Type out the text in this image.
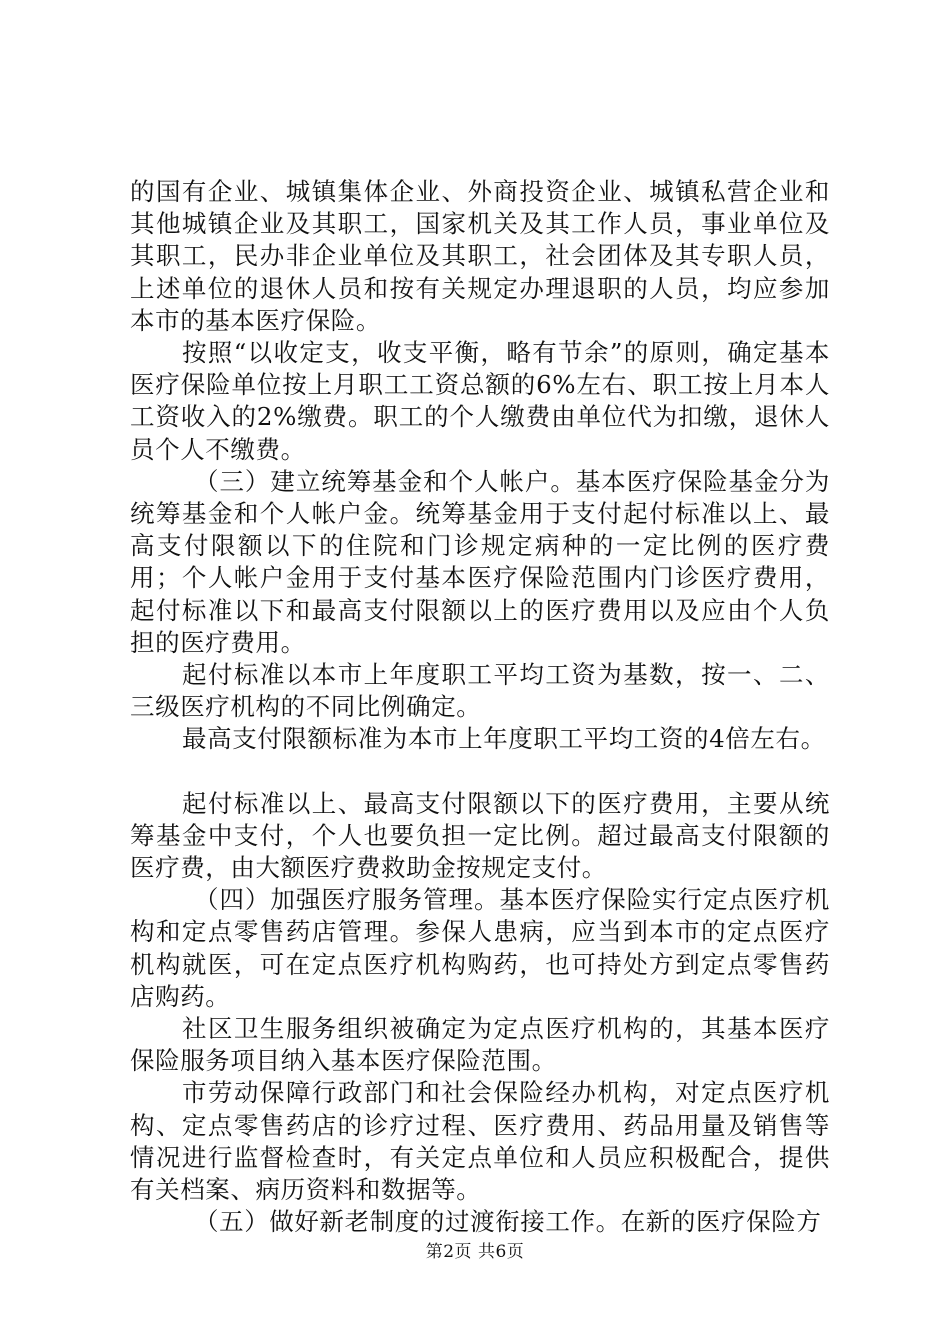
的国有企业、城镇集体企业、外商投资企业、城镇私营企业和其他城镇企业及其职工，国家机关及其工作人员，事业单位及其职工，民办非企业单位及其职工，社会团体及其专职人员，上述单位的退休人员和按有关规定办理退职的人员，均应参加本市的基本医疗保险。

按照“以收定支，收支平衡，略有节余”的原则，确定基本医疗保险单位按上月职工工资总额的6%左右、职工按上月本人工资收入的2%缴费。职工的个人缴费由单位代为扣缴，退休人员个人不缴费。

（三）建立统筹基金和个人帐户。基本医疗保险基金分为统筹基金和个人帐户金。统筹基金用于支付起付标准以上、最高支付限额以下的住院和门诊规定病种的一定比例的医疗费用；个人帐户金用于支付基本医疗保险范围内门诊医疗费用，起付标准以下和最高支付限额以上的医疗费用以及应由个人负担的医疗费用。

起付标准以本市上年度职工平均工资为基数，按一、二、三级医疗机构的不同比例确定。

最高支付限额标准为本市上年度职工平均工资的4倍左右。

起付标准以上、最高支付限额以下的医疗费用，主要从统筹基金中支付，个人也要负担一定比例。超过最高支付限额的医疗费，由大额医疗费救助金按规定支付。

（四）加强医疗服务管理。基本医疗保险实行定点医疗机构和定点零售药店管理。参保人患病，应当到本市的定点医疗机构就医，可在定点医疗机构购药，也可持处方到定点零售药店购药。

社区卫生服务组织被确定为定点医疗机构的，其基本医疗保险服务项目纳入基本医疗保险范围。

市劳动保障行政部门和社会保险经办机构，对定点医疗机构、定点零售药店的诊疗过程、医疗费用、药品用量及销售等情况进行监督检查时，有关定点单位和人员应积极配合，提供有关档案、病历资料和数据等。

（五）做好新老制度的过渡衔接工作。在新的医疗保险方

第2页 共6页
